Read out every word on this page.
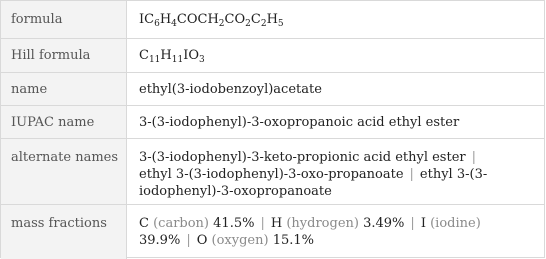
formula	$IC_6H_4COCH_2CO_2C_2H_5$
Hill formula	$C_{11}H_{11}IO_3$
name	ethyl(3-iodobenzoyl)acetate
IUPAC name	3-(3-iodophenyl)-3-oxopropanoic acid ethyl ester
alternate names	3-(3-iodophenyl)-3-keto-propionic acid ethyl ester |
ethyl 3-(3-iodophenyl)-3-oxo-propanoate | ethyl 3-(3-iodophenyl)-3-oxopropanoate
mass fractions	C (carbon) 41.5% | H (hydrogen) 3.49% | I (iodine)
39.9% | O (oxygen) 15.1%
